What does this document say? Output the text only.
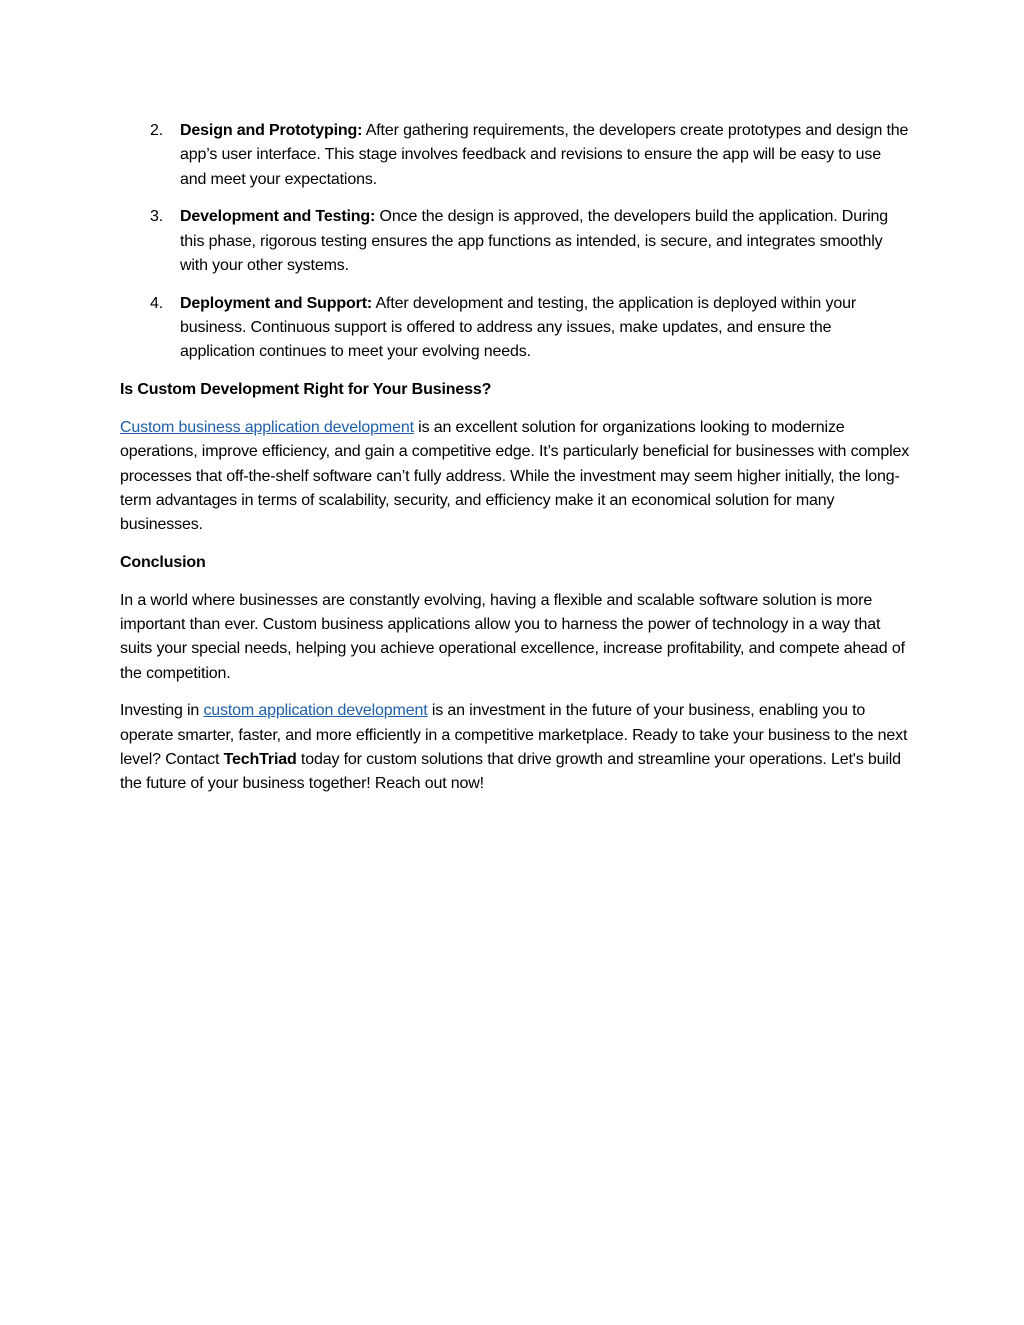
2. Design and Prototyping: After gathering requirements, the developers create prototypes and design the app’s user interface. This stage involves feedback and revisions to ensure the app will be easy to use and meet your expectations.
3. Development and Testing: Once the design is approved, the developers build the application. During this phase, rigorous testing ensures the app functions as intended, is secure, and integrates smoothly with your other systems.
4. Deployment and Support: After development and testing, the application is deployed within your business. Continuous support is offered to address any issues, make updates, and ensure the application continues to meet your evolving needs.

Is Custom Development Right for Your Business?

Custom business application development is an excellent solution for organizations looking to modernize operations, improve efficiency, and gain a competitive edge. It’s particularly beneficial for businesses with complex processes that off-the-shelf software can’t fully address. While the investment may seem higher initially, the long-term advantages in terms of scalability, security, and efficiency make it an economical solution for many businesses.

Conclusion

In a world where businesses are constantly evolving, having a flexible and scalable software solution is more important than ever. Custom business applications allow you to harness the power of technology in a way that suits your special needs, helping you achieve operational excellence, increase profitability, and compete ahead of the competition.

Investing in custom application development is an investment in the future of your business, enabling you to operate smarter, faster, and more efficiently in a competitive marketplace. Ready to take your business to the next level? Contact TechTriad today for custom solutions that drive growth and streamline your operations. Let's build the future of your business together! Reach out now!
